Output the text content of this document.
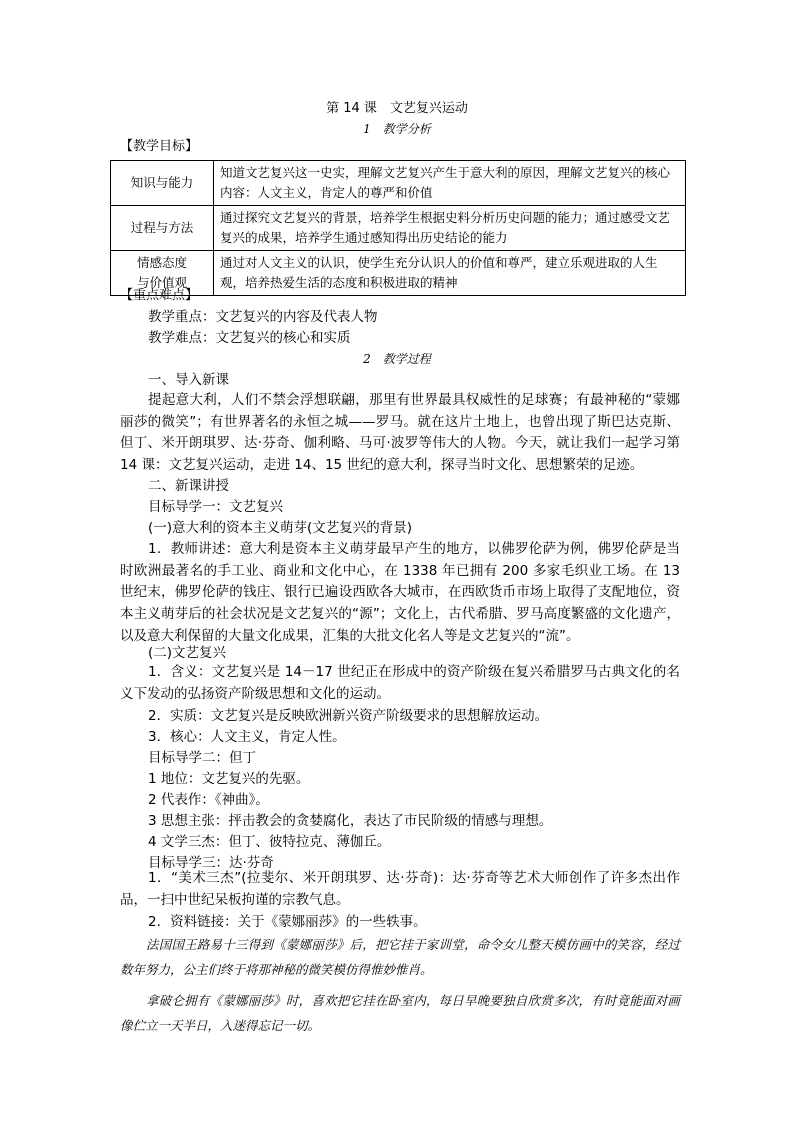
第 14 课　文艺复兴运动
1　教学分析
【教学目标】
知识与能力	知道文艺复兴这一史实，理解文艺复兴产生于意大利的原因，理解文艺复兴的核心内容：人文主义，肯定人的尊严和价值
过程与方法	通过探究文艺复兴的背景，培养学生根据史料分析历史问题的能力；通过感受文艺复兴的成果，培养学生通过感知得出历史结论的能力
情感态度
与价值观	通过对人文主义的认识，使学生充分认识人的价值和尊严，建立乐观进取的人生观，培养热爱生活的态度和积极进取的精神
【重点难点】
教学重点：文艺复兴的内容及代表人物
教学难点：文艺复兴的核心和实质
2　教学过程
一、导入新课
提起意大利，人们不禁会浮想联翩，那里有世界最具权威性的足球赛；有最神秘的“蒙娜丽莎的微笑”；有世界著名的永恒之城——罗马。就在这片土地上，也曾出现了斯巴达克斯、但丁、米开朗琪罗、达·芬奇、伽利略、马可·波罗等伟大的人物。今天，就让我们一起学习第 14 课：文艺复兴运动，走进 14、15 世纪的意大利，探寻当时文化、思想繁荣的足迹。
二、新课讲授
目标导学一：文艺复兴
(一)意大利的资本主义萌芽(文艺复兴的背景)
1．教师讲述：意大利是资本主义萌芽最早产生的地方，以佛罗伦萨为例，佛罗伦萨是当时欧洲最著名的手工业、商业和文化中心，在 1338 年已拥有 200 多家毛织业工场。在 13 世纪末，佛罗伦萨的钱庄、银行已遍设西欧各大城市，在西欧货币市场上取得了支配地位，资本主义萌芽后的社会状况是文艺复兴的“源”；文化上，古代希腊、罗马高度繁盛的文化遗产，以及意大利保留的大量文化成果，汇集的大批文化名人等是文艺复兴的“流”。
(二)文艺复兴
1．含义：文艺复兴是 14－17 世纪正在形成中的资产阶级在复兴希腊罗马古典文化的名义下发动的弘扬资产阶级思想和文化的运动。
2．实质：文艺复兴是反映欧洲新兴资产阶级要求的思想解放运动。
3．核心：人文主义，肯定人性。
目标导学二：但丁
1 地位：文艺复兴的先驱。
2 代表作：《神曲》。
3 思想主张：抨击教会的贪婪腐化，表达了市民阶级的情感与理想。
4 文学三杰：但丁、彼特拉克、薄伽丘。
目标导学三：达·芬奇
1．“美术三杰”(拉斐尔、米开朗琪罗、达·芬奇)：达·芬奇等艺术大师创作了许多杰出作品，一扫中世纪呆板拘谨的宗教气息。
2．资料链接：关于《蒙娜丽莎》的一些轶事。
法国国王路易十三得到《蒙娜丽莎》后，把它挂于家训堂，命令女儿整天模仿画中的笑容，经过数年努力，公主们终于将那神秘的微笑模仿得惟妙惟肖。
拿破仑拥有《蒙娜丽莎》时，喜欢把它挂在卧室内，每日早晚要独自欣赏多次，有时竟能面对画像伫立一天半日，入迷得忘记一切。
